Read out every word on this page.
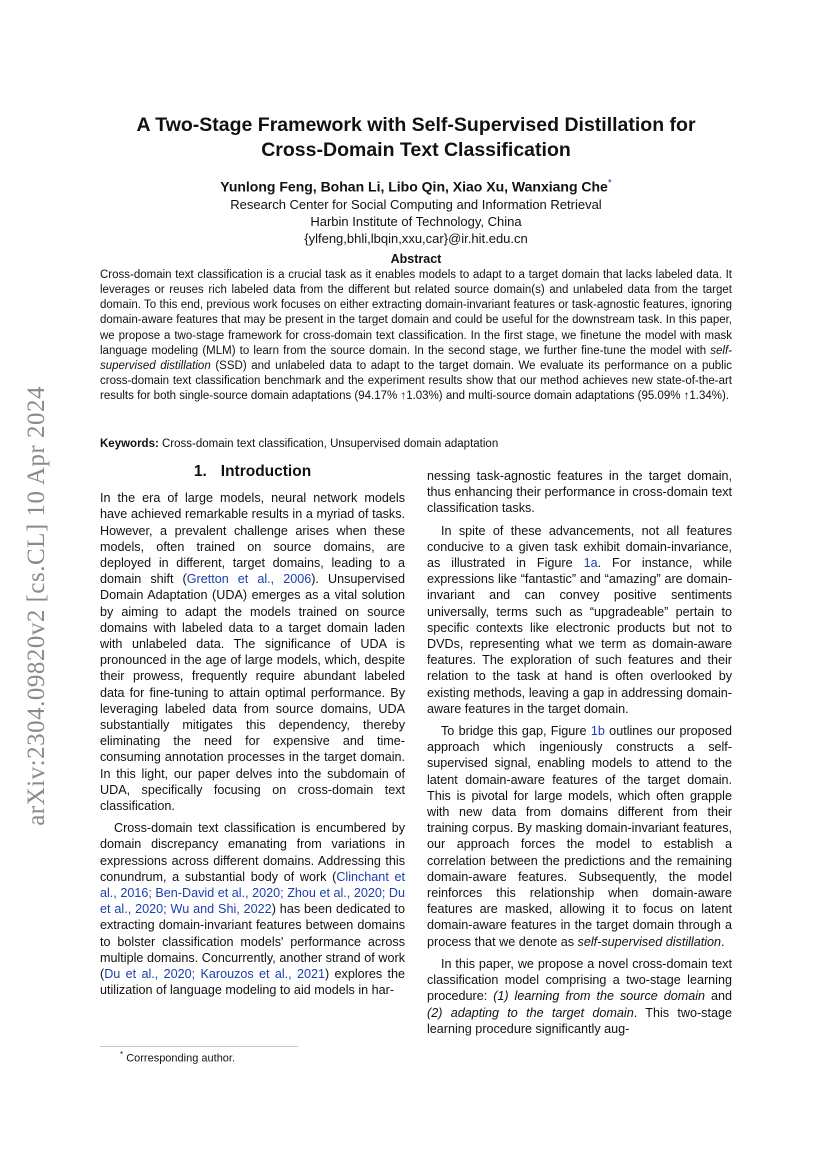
arXiv:2304.09820v2 [cs.CL] 10 Apr 2024
A Two-Stage Framework with Self-Supervised Distillation for
Cross-Domain Text Classification
Yunlong Feng, Bohan Li, Libo Qin, Xiao Xu, Wanxiang Che*
Research Center for Social Computing and Information Retrieval
Harbin Institute of Technology, China
{ylfeng,bhli,lbqin,xxu,car}@ir.hit.edu.cn
Abstract
Cross-domain text classification is a crucial task as it enables models to adapt to a target domain that lacks labeled data. It leverages or reuses rich labeled data from the different but related source domain(s) and unlabeled data from the target domain. To this end, previous work focuses on either extracting domain-invariant features or task-agnostic features, ignoring domain-aware features that may be present in the target domain and could be useful for the downstream task. In this paper, we propose a two-stage framework for cross-domain text classification. In the first stage, we finetune the model with mask language modeling (MLM) to learn from the source domain. In the second stage, we further fine-tune the model with self-supervised distillation (SSD) and unlabeled data to adapt to the target domain. We evaluate its performance on a public cross-domain text classification benchmark and the experiment results show that our method achieves new state-of-the-art results for both single-source domain adaptations (94.17% ↑1.03%) and multi-source domain adaptations (95.09% ↑1.34%).
Keywords: Cross-domain text classification, Unsupervised domain adaptation
1. Introduction

In the era of large models, neural network models have achieved remarkable results in a myriad of tasks. However, a prevalent challenge arises when these models, often trained on source domains, are deployed in different, target domains, leading to a domain shift (Gretton et al., 2006). Unsupervised Domain Adaptation (UDA) emerges as a vital solution by aiming to adapt the models trained on source domains with labeled data to a target domain laden with unlabeled data. The significance of UDA is pronounced in the age of large models, which, despite their prowess, frequently require abundant labeled data for fine-tuning to attain optimal performance. By leveraging labeled data from source domains, UDA substantially mitigates this dependency, thereby eliminating the need for expensive and time-consuming annotation processes in the target domain. In this light, our paper delves into the subdomain of UDA, specifically focusing on cross-domain text classification.

Cross-domain text classification is encumbered by domain discrepancy emanating from variations in expressions across different domains. Addressing this conundrum, a substantial body of work (Clinchant et al., 2016; Ben-David et al., 2020; Zhou et al., 2020; Du et al., 2020; Wu and Shi, 2022) has been dedicated to extracting domain-invariant features between domains to bolster classification models' performance across multiple domains. Concurrently, another strand of work (Du et al., 2020; Karouzos et al., 2021) explores the utilization of language modeling to aid models in har-

nessing task-agnostic features in the target domain, thus enhancing their performance in cross-domain text classification tasks.

In spite of these advancements, not all features conducive to a given task exhibit domain-invariance, as illustrated in Figure 1a. For instance, while expressions like “fantastic” and “amazing” are domain-invariant and can convey positive sentiments universally, terms such as “upgradeable” pertain to specific contexts like electronic products but not to DVDs, representing what we term as domain-aware features. The exploration of such features and their relation to the task at hand is often overlooked by existing methods, leaving a gap in addressing domain-aware features in the target domain.

To bridge this gap, Figure 1b outlines our proposed approach which ingeniously constructs a self-supervised signal, enabling models to attend to the latent domain-aware features of the target domain. This is pivotal for large models, which often grapple with new data from domains different from their training corpus. By masking domain-invariant features, our approach forces the model to establish a correlation between the predictions and the remaining domain-aware features. Subsequently, the model reinforces this relationship when domain-aware features are masked, allowing it to focus on latent domain-aware features in the target domain through a process that we denote as self-supervised distillation.

In this paper, we propose a novel cross-domain text classification model comprising a two-stage learning procedure: (1) learning from the source domain and (2) adapting to the target domain. This two-stage learning procedure significantly aug-

* Corresponding author.
